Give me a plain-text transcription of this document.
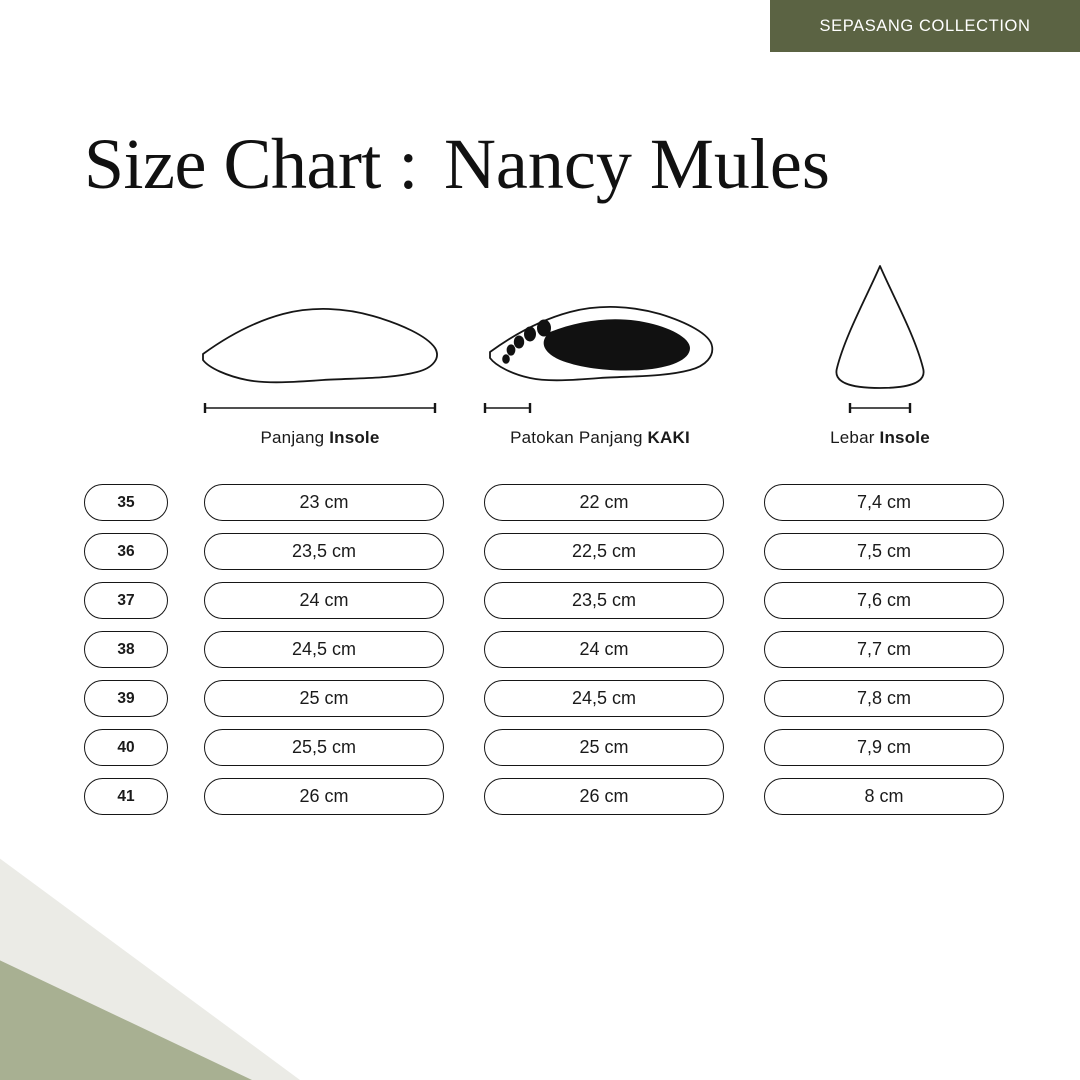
SEPASANG COLLECTION
Size Chart : Nancy Mules
Panjang Insole	Patokan Panjang KAKI	Lebar Insole
35	23 cm	22 cm	7,4 cm
36	23,5 cm	22,5 cm	7,5 cm
37	24 cm	23,5 cm	7,6 cm
38	24,5 cm	24 cm	7,7 cm
39	25 cm	24,5 cm	7,8 cm
40	25,5 cm	25 cm	7,9 cm
41	26 cm	26 cm	8 cm
